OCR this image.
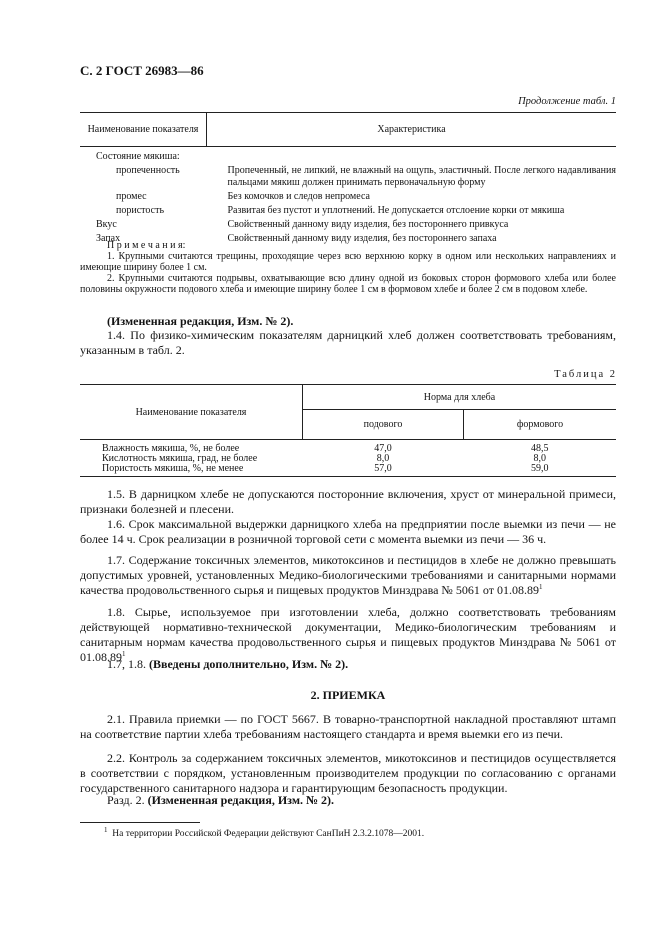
С. 2 ГОСТ 26983—86
Продолжение табл. 1
Наименование показателя	Характеристика
Состояние мякиша:	
пропеченность	Пропеченный, не липкий, не влажный на ощупь, эластичный. После легкого надавливания пальцами мякиш должен принимать первоначальную форму
промес	Без комочков и следов непромеса
пористость	Развитая без пустот и уплотнений. Не допускается отслоение корки от мякиша
Вкус	Свойственный данному виду изделия, без постороннего привкуса
Запах	Свойственный данному виду изделия, без постороннего запаха

П р и м е ч а н и я:

1. Крупными считаются трещины, проходящие через всю верхнюю корку в одном или нескольких направлениях и имеющие ширину более 1 см.

2. Крупными считаются подрывы, охватывающие всю длину одной из боковых сторон формового хлеба или более половины окружности подового хлеба и имеющие ширину более 1 см в формовом хлебе и более 2 см в подовом хлебе.

(Измененная редакция, Изм. № 2).

1.4. По физико-химическим показателям дарницкий хлеб должен соответствовать требованиям, указанным в табл. 2.

Таблица 2
Наименование показателя	Норма для хлеба	
	подового	формового
Влажность мякиша, %, не более	47,0	48,5
Кислотность мякиша, град, не более	8,0	8,0
Пористость мякиша, %, не менее	57,0	59,0

1.5. В дарницком хлебе не допускаются посторонние включения, хруст от минеральной примеси, признаки болезней и плесени.

1.6. Срок максимальной выдержки дарницкого хлеба на предприятии после выемки из печи — не более 14 ч. Срок реализации в розничной торговой сети с момента выемки из печи — 36 ч.

1.7. Содержание токсичных элементов, микотоксинов и пестицидов в хлебе не должно превышать допустимых уровней, установленных Медико-биологическими требованиями и санитарными нормами качества продовольственного сырья и пищевых продуктов Минздрава № 5061 от 01.08.89$^1$

1.8. Сырье, используемое при изготовлении хлеба, должно соответствовать требованиям действующей нормативно-технической документации, Медико-биологическим требованиям и санитарным нормам качества продовольственного сырья и пищевых продуктов Минздрава № 5061 от 01.08.89$^1$

1.7, 1.8. (Введены дополнительно, Изм. № 2).

2. ПРИЕМКА

2.1. Правила приемки — по ГОСТ 5667. В товарно-транспортной накладной проставляют штамп на соответствие партии хлеба требованиям настоящего стандарта и время выемки его из печи.

2.2. Контроль за содержанием токсичных элементов, микотоксинов и пестицидов осуществляется в соответствии с порядком, установленным производителем продукции по согласованию с органами государственного санитарного надзора и гарантирующим безопасность продукции.

Разд. 2. (Измененная редакция, Изм. № 2).

$^1$ На территории Российской Федерации действуют СанПиН 2.3.2.1078—2001.
